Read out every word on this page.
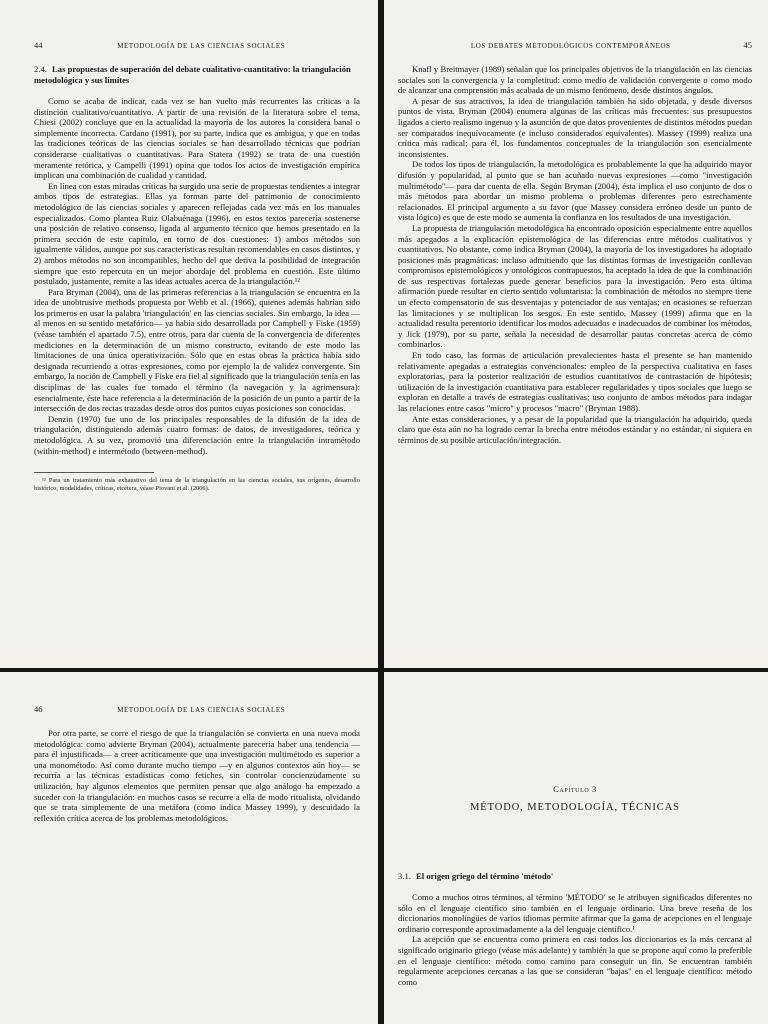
44	METODOLOGÍA DE LAS CIENCIAS SOCIALES
2.4. Las propuestas de superación del debate cualitativo-cuantitativo: la triangulación metodológica y sus límites

Como se acaba de indicar, cada vez se han vuelto más recurrentes las críticas a la distinción cualitativo/cuantitativo. A partir de una revisión de la literatura sobre el tema, Chiesi (2002) concluye que en la actualidad la mayoría de los autores la considera banal o simplemente incorrecta. Cardano (1991), por su parte, indica que es ambigua, y que en todas las tradiciones teóricas de las ciencias sociales se han desarrollado técnicas que podrían considerarse cualitativas o cuantitativas. Para Statera (1992) se trata de una cuestión meramente retórica, y Campelli (1991) opina que todos los actos de investigación empírica implican una combinación de cualidad y cantidad.

En línea con estas miradas críticas ha surgido una serie de propuestas tendientes a integrar ambos tipos de estrategias. Ellas ya forman parte del patrimonio de conocimiento metodológico de las ciencias sociales y aparecen reflejadas cada vez más en los manuales especializados. Como plantea Ruiz Olabuénaga (1996), en estos textos parecería sostenerse una posición de relativo consenso, ligada al argumento técnico que hemos presentado en la primera sección de este capítulo, en torno de dos cuestiones: 1) ambos métodos son igualmente válidos, aunque por sus características resultan recomendables en casos distintos, y 2) ambos métodos no son incompatibles, hecho del que deriva la posibilidad de integración siempre que esto repercuta en un mejor abordaje del problema en cuestión. Este último postulado, justamente, remite a las ideas actuales acerca de la triangulación.¹²

Para Bryman (2004), una de las primeras referencias a la triangulación se encuentra en la idea de unobtrusive methods propuesta por Webb et al. (1966), quienes además habrían sido los primeros en usar la palabra 'triangulación' en las ciencias sociales. Sin embargo, la idea —al menos en su sentido metafórico— ya había sido desarrollada por Campbell y Fiske (1959) (véase también el apartado 7.5), entre otros, para dar cuenta de la convergencia de diferentes mediciones en la determinación de un mismo constructo, evitando de este modo las limitaciones de una única operativización. Sólo que en estas obras la práctica había sido designada recurriendo a otras expresiones, como por ejemplo la de validez convergente. Sin embargo, la noción de Campbell y Fiske era fiel al significado que la triangulación tenía en las disciplinas de las cuales fue tomado el término (la navegación y la agrimensura): esencialmente, éste hace referencia a la determinación de la posición de un punto a partir de la intersección de dos rectas trazadas desde otros dos puntos cuyas posiciones son conocidas.

Denzin (1970) fue uno de los principales responsables de la difusión de la idea de triangulación, distinguiendo además cuatro formas: de datos, de investigadores, teórica y metodológica. A su vez, promovió una diferenciación entre la triangulación intramétodo (within-method) e intermétodo (between-method).

¹² Para un tratamiento más exhaustivo del tema de la triangulación en las ciencias sociales, sus orígenes, desarrollo histórico, modalidades, críticas, etcétera, véase Piovani et al. (2006).

LOS DEBATES METODOLÓGICOS CONTEMPORÁNEOS	45

Knafl y Breitmayer (1989) señalan que los principales objetivos de la triangulación en las ciencias sociales son la convergencia y la completitud: como medio de validación convergente o como modo de alcanzar una comprensión más acabada de un mismo fenómeno, desde distintos ángulos.

A pesar de sus atractivos, la idea de triangulación también ha sido objetada, y desde diversos puntos de vista. Bryman (2004) enumera algunas de las críticas más frecuentes: sus presupuestos ligados a cierto realismo ingenuo y la asunción de que datos provenientes de distintos métodos puedan ser comparados inequívocamente (e incluso considerados equivalentes). Massey (1999) realiza una crítica más radical; para él, los fundamentos conceptuales de la triangulación son esencialmente inconsistentes.

De todos los tipos de triangulación, la metodológica es probablemente la que ha adquirido mayor difusión y popularidad, al punto que se han acuñado nuevas expresiones —como "investigación multimétodo"— para dar cuenta de ella. Según Bryman (2004), ésta implica el uso conjunto de dos o más métodos para abordar un mismo problema o problemas diferentes pero estrechamente relacionados. El principal argumento a su favor (que Massey considera erróneo desde un punto de vista lógico) es que de este modo se aumenta la confianza en los resultados de una investigación.

La propuesta de triangulación metodológica ha encontrado oposición especialmente entre aquellos más apegados a la explicación epistemológica de las diferencias entre métodos cualitativos y cuantitativos. No obstante, como indica Bryman (2004), la mayoría de los investigadores ha adoptado posiciones más pragmáticas: incluso admitiendo que las distintas formas de investigación conllevan compromisos epistemológicos y ontológicos contrapuestos, ha aceptado la idea de que la combinación de sus respectivas fortalezas puede generar beneficios para la investigación. Pero esta última afirmación puede resultar en cierto sentido voluntarista: la combinación de métodos no siempre tiene un efecto compensatorio de sus desventajas y potenciador de sus ventajas; en ocasiones se refuerzan las limitaciones y se multiplican los sesgos. En este sentido, Massey (1999) afirma que en la actualidad resulta perentorio identificar los modos adecuados e inadecuados de combinar los métodos, y Jick (1979), por su parte, señala la necesidad de desarrollar pautas concretas acerca de cómo combinarlos.

En todo caso, las formas de articulación prevalecientes hasta el presente se han mantenido relativamente apegadas a estrategias convencionales: empleo de la perspectiva cualitativa en fases exploratorias, para la posterior realización de estudios cuantitativos de contrastación de hipótesis; utilización de la investigación cuantitativa para establecer regularidades y tipos sociales que luego se exploran en detalle a través de estrategias cualitativas; uso conjunto de ambos métodos para indagar las relaciones entre casos "micro" y procesos "macro" (Bryman 1988).

Ante estas consideraciones, y a pesar de la popularidad que la triangulación ha adquirido, queda claro que ésta aún no ha logrado cerrar la brecha entre métodos estándar y no estándar, ni siquiera en términos de su posible articulación/integración.

46	METODOLOGÍA DE LAS CIENCIAS SOCIALES

Por otra parte, se corre el riesgo de que la triangulación se convierta en una nueva moda metodológica: como advierte Bryman (2004), actualmente parecería haber una tendencia —para él injustificada— a creer acríticamente que una investigación multimétodo es superior a una monométodo. Así como durante mucho tiempo —y en algunos contextos aún hoy— se recurría a las técnicas estadísticas como fetiches, sin controlar concienzudamente su utilización, hay algunos elementos que permiten pensar que algo análogo ha empezado a suceder con la triangulación: en muchos casos se recurre a ella de modo ritualista, olvidando que se trata simplemente de una metáfora (como indica Massey 1999), y descuidado la reflexión crítica acerca de los problemas metodológicos.

Capítulo 3
MÉTODO, METODOLOGÍA, TÉCNICAS
3.1. El origen griego del término 'método'

Como a muchos otros términos, al término 'MÉTODO' se le atribuyen significados diferentes no sólo en el lenguaje científico sino también en el lenguaje ordinario. Una breve reseña de los diccionarios monolingües de varios idiomas permite afirmar que la gama de acepciones en el lenguaje ordinario corresponde aproximadamente a la del lenguaje científico.¹

La acepción que se encuentra como primera en casi todos los diccionarios es la más cercana al significado originario griego (véase más adelante) y también la que se propone aquí como la preferible en el lenguaje científico: método como camino para conseguir un fin. Se encuentran también regularmente acepciones cercanas a las que se consideran "bajas" en el lenguaje científico: método como
